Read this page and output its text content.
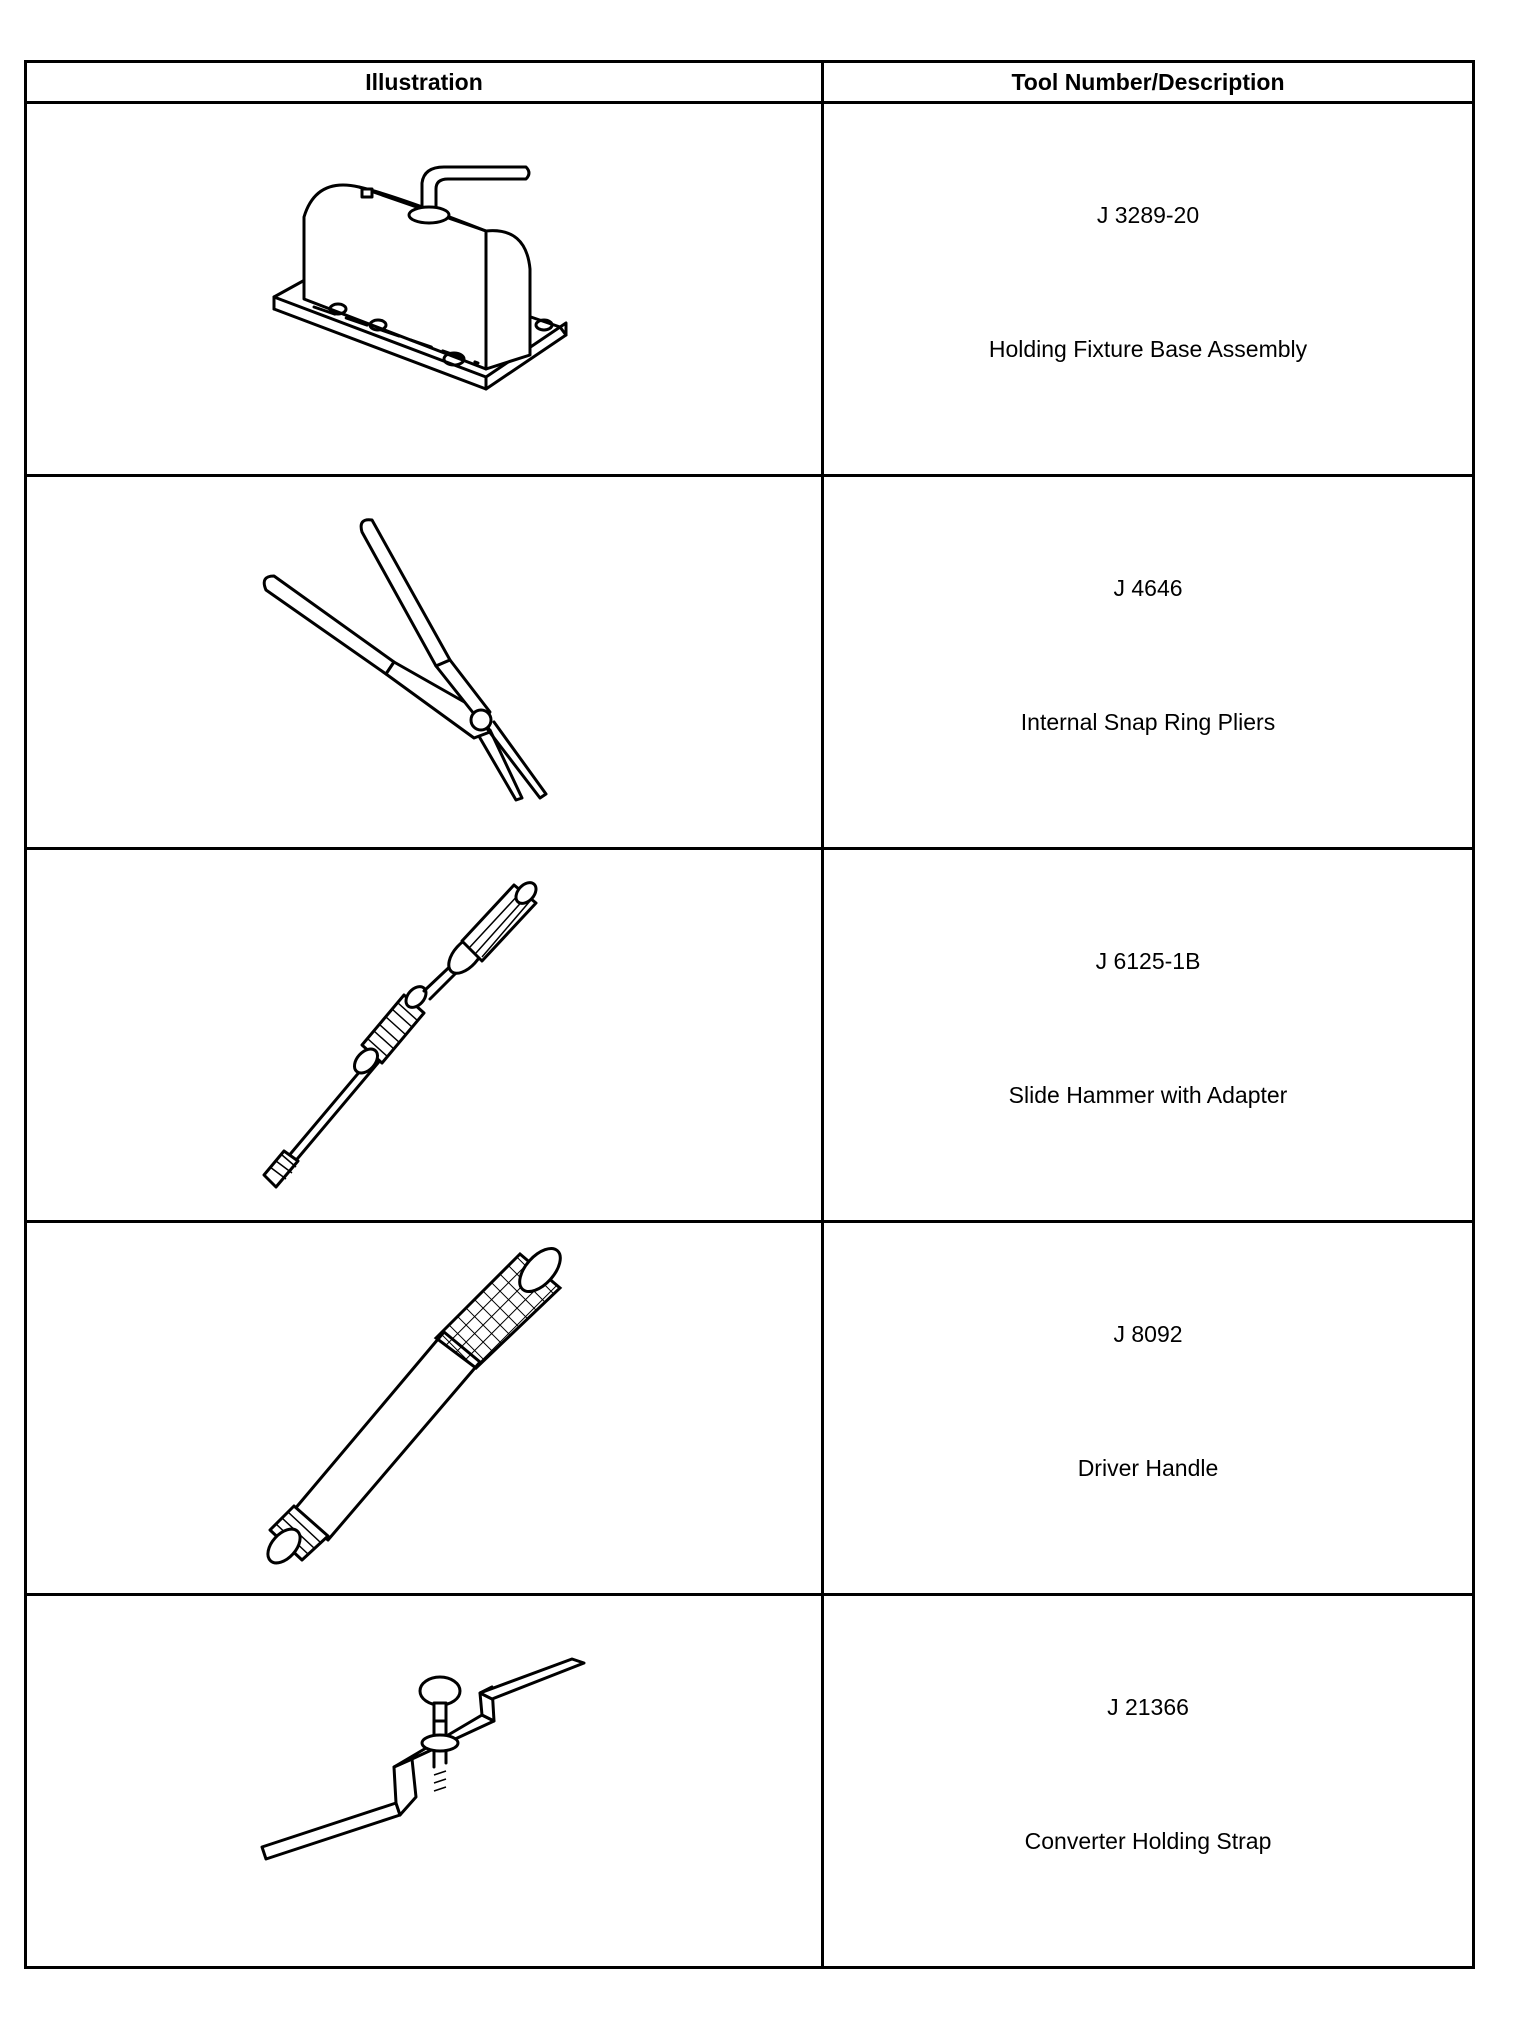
Illustration	Tool Number/Description

J 3289-20
Holding Fixture Base Assembly

J 4646
Internal Snap Ring Pliers

J 6125-1B
Slide Hammer with Adapter

J 8092
Driver Handle

J 21366
Converter Holding Strap
